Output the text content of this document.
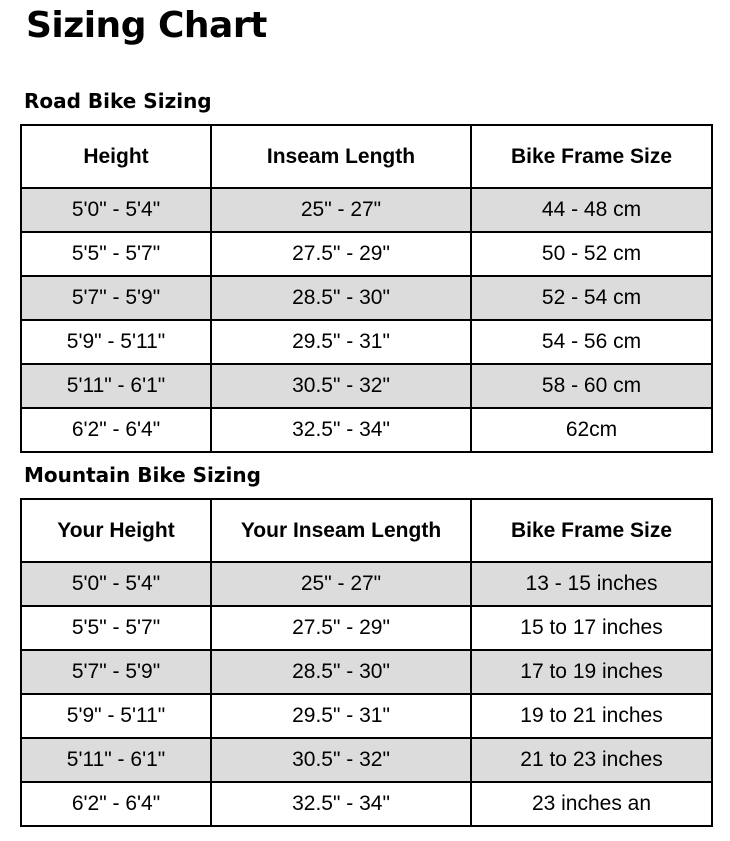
Sizing Chart
Road Bike Sizing
Height	Inseam Length	Bike Frame Size
5'0" - 5'4"	25" - 27"	44 - 48 cm
5'5" - 5'7"	27.5" - 29"	50 - 52 cm
5'7" - 5'9"	28.5" - 30"	52 - 54 cm
5'9" - 5'11"	29.5" - 31"	54 - 56 cm
5'11" - 6'1"	30.5" - 32"	58 - 60 cm
6'2" - 6'4"	32.5" - 34"	62cm
Mountain Bike Sizing
Your Height	Your Inseam Length	Bike Frame Size
5'0" - 5'4"	25" - 27"	13 - 15 inches
5'5" - 5'7"	27.5" - 29"	15 to 17 inches
5'7" - 5'9"	28.5" - 30"	17 to 19 inches
5'9" - 5'11"	29.5" - 31"	19 to 21 inches
5'11" - 6'1"	30.5" - 32"	21 to 23 inches
6'2" - 6'4"	32.5" - 34"	23 inches an
